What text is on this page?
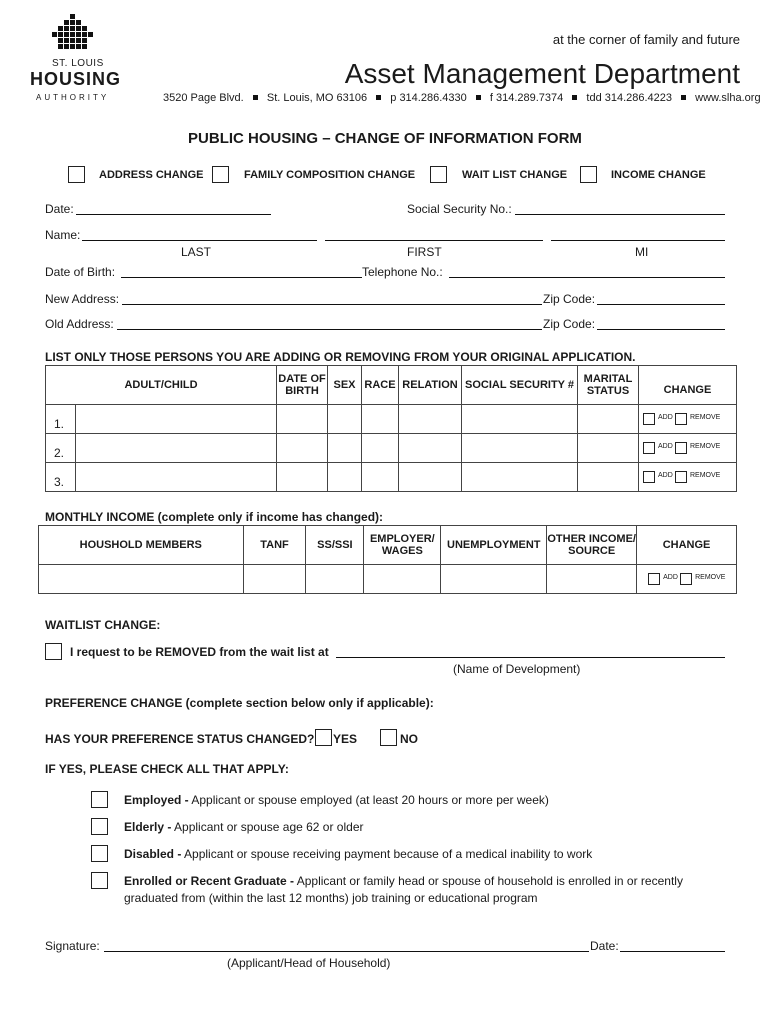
ST. LOUIS
HOUSING
AUTHORITY
at the corner of family and future
Asset Management Department
3520 Page Blvd. St. Louis, MO 63106 p 314.286.4330 f 314.289.7374 tdd 314.286.4223 www.slha.org
PUBLIC HOUSING – CHANGE OF INFORMATION FORM
ADDRESS CHANGE	FAMILY COMPOSITION CHANGE	WAIT LIST CHANGE	INCOME CHANGE
Date:	Social Security No.:
Name:
LAST	FIRST	MI
Date of Birth:	Telephone No.:
New Address:	Zip Code:
Old Address:	Zip Code:
LIST ONLY THOSE PERSONS YOU ARE ADDING OR REMOVING FROM YOUR ORIGINAL APPLICATION.
ADULT/CHILD		DATE OF BIRTH	SEX	RACE	RELATION	SOCIAL SECURITY #	MARITAL STATUS	CHANGE
1.								ADD REMOVE

2.								ADD REMOVE

3.								ADD REMOVE
MONTHLY INCOME (complete only if income has changed):
HOUSHOLD MEMBERS	TANF	SS/SSI	EMPLOYER/ WAGES	UNEMPLOYMENT	OTHER INCOME/ SOURCE	CHANGE

						ADD REMOVE
WAITLIST CHANGE:
I request to be REMOVED from the wait list at
(Name of Development)
PREFERENCE CHANGE (complete section below only if applicable):
HAS YOUR PREFERENCE STATUS CHANGED? YES	NO
IF YES, PLEASE CHECK ALL THAT APPLY:
Employed - Applicant or spouse employed (at least 20 hours or more per week)
Elderly - Applicant or spouse age 62 or older
Disabled - Applicant or spouse receiving payment because of a medical inability to work
Enrolled or Recent Graduate - Applicant or family head or spouse of household is enrolled in or recently
graduated from (within the last 12 months) job training or educational program
Signature:	Date:
(Applicant/Head of Household)
